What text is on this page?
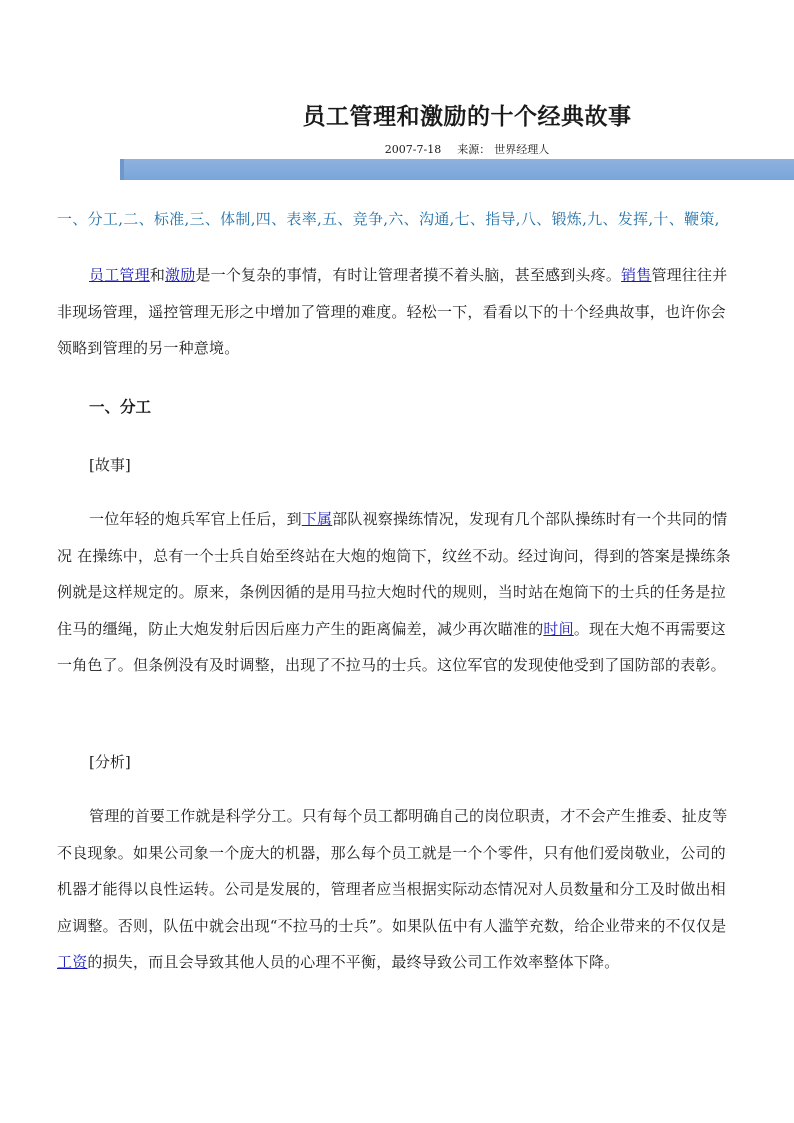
员工管理和激励的十个经典故事
2007-7-18 来源： 世界经理人
一、分工,二、标准,三、体制,四、表率,五、竞争,六、沟通,七、指导,八、锻炼,九、发挥,十、鞭策,

员工管理和激励是一个复杂的事情，有时让管理者摸不着头脑，甚至感到头疼。销售管理往往并非现场管理，遥控管理无形之中增加了管理的难度。轻松一下，看看以下的十个经典故事，也许你会领略到管理的另一种意境。

一、分工
[故事]

一位年轻的炮兵军官上任后，到下属部队视察操练情况，发现有几个部队操练时有一个共同的情况 在操练中，总有一个士兵自始至终站在大炮的炮筒下，纹丝不动。经过询问，得到的答案是操练条例就是这样规定的。原来，条例因循的是用马拉大炮时代的规则，当时站在炮筒下的士兵的任务是拉住马的缰绳，防止大炮发射后因后座力产生的距离偏差，减少再次瞄准的时间。现在大炮不再需要这一角色了。但条例没有及时调整，出现了不拉马的士兵。这位军官的发现使他受到了国防部的表彰。

[分析]

管理的首要工作就是科学分工。只有每个员工都明确自己的岗位职责，才不会产生推委、扯皮等不良现象。如果公司象一个庞大的机器，那么每个员工就是一个个零件，只有他们爱岗敬业，公司的机器才能得以良性运转。公司是发展的，管理者应当根据实际动态情况对人员数量和分工及时做出相应调整。否则，队伍中就会出现“不拉马的士兵”。如果队伍中有人滥竽充数，给企业带来的不仅仅是工资的损失，而且会导致其他人员的心理不平衡，最终导致公司工作效率整体下降。
